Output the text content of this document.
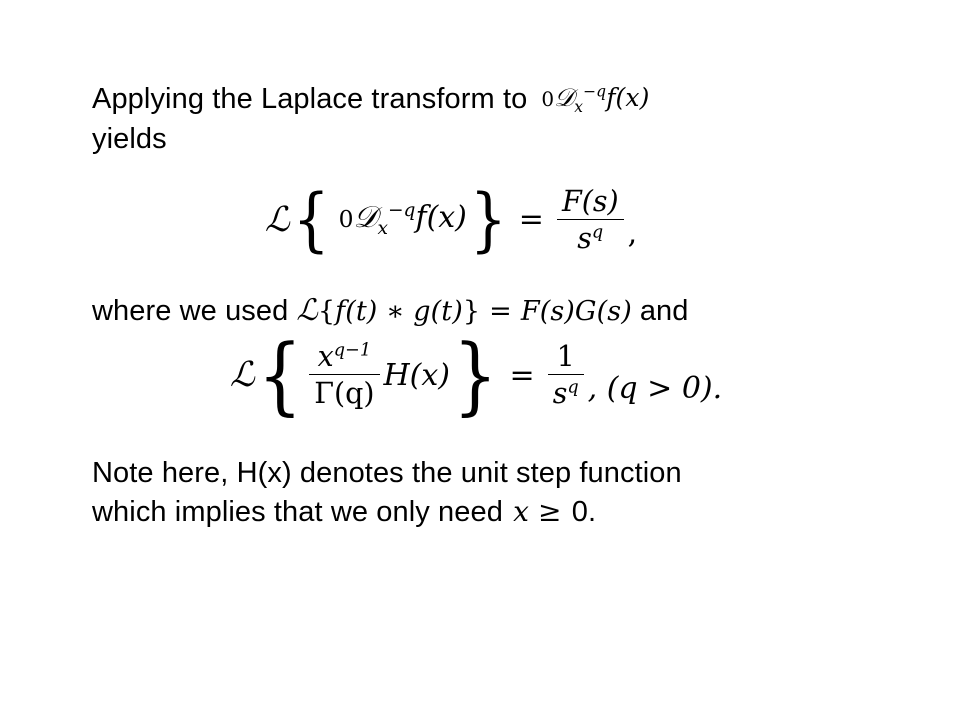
Applying the Laplace transform to 0𝒟$_x^{-q}$f(x)
yields
ℒ { 0𝒟$_x^{-q}$f(x) } = $\frac{F(s)}{s^q}$ ,
where we used ℒ{f(t) ∗ g(t)} = F(s)G(s) and
ℒ { $\frac{x^{q-1}}{\Gamma(q)} H(x)$ } = $\frac{1}{s^q}$ , (q > 0).
Note here, H(x) denotes the unit step function
which implies that we only need x ≥ 0.
